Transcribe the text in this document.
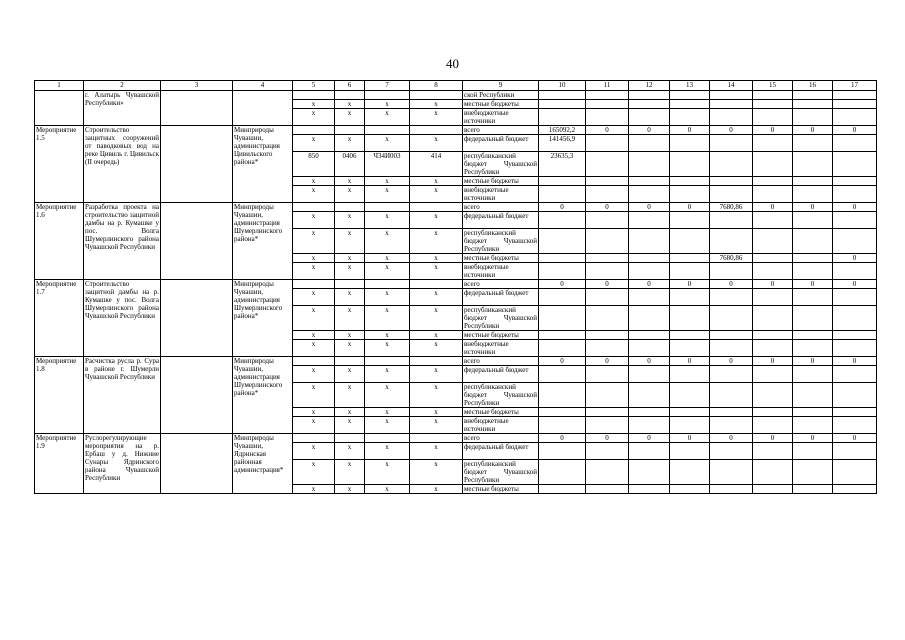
40
1	2	3	4	5	6	7	8	9	10	11	12	13	14	15	16	17
	г. Алатырь Чувашской Республики»							ской Республики								
				x	x	x	x	местные бюджеты								
				x	x	x	x	внебюджетные источники								
Мероприятие 1.5	Строительство защитных сооружений от паводковых вод на реке Цивиль г. Цивильск (II очередь)		Минприроды Чувашии, администрация Цивильского района*					всего	165092,2	0	0	0	0	0	0	0
				x	x	x	x	федеральный бюджет	141456,9							
				850	0406	Ч34И003	414	республиканский бюджет Чувашской Республики	23635,3							
				x	x	x	x	местные бюджеты								
				x	x	x	x	внебюджетные источники								
Мероприятие 1.6	Разработка проекта на строительство защитной дамбы на р. Кумашке у пос. Волга Шумерлинского района Чувашской Республики		Минприроды Чувашии, администрация Шумерлинского района*					всего	0	0	0	0	7680,86	0	0	0
				x	x	x	x	федеральный бюджет								
				x	x	x	x	республиканский бюджет Чувашской Республики								
				x	x	x	x	местные бюджеты					7680,86			0
				x	x	x	x	внебюджетные источники								
Мероприятие 1.7	Строительство защитной дамбы на р. Кумашке у пос. Волга Шумерлинского района Чувашской Республики		Минприроды Чувашии, администрация Шумерлинского района*					всего	0	0	0	0	0	0	0	0
				x	x	x	x	федеральный бюджет								
				x	x	x	x	республиканский бюджет Чувашской Республики								
				x	x	x	x	местные бюджеты								
				x	x	x	x	внебюджетные источники								
Мероприятие 1.8	Расчистка русла р. Сура в районе г. Шумерли Чувашской Республики		Минприроды Чувашии, администрация Шумерлинского района*					всего	0	0	0	0	0	0	0	0
				x	x	x	x	федеральный бюджет								
				x	x	x	x	республиканский бюджет Чувашской Республики								
				x	x	x	x	местные бюджеты								
				x	x	x	x	внебюджетные источники								
Мероприятие 1.9	Руслорегулирующие мероприятия на р. Ербаш у д. Нижние Сунары Ядринского района Чувашской Республики		Минприроды Чувашии, Ядринская районная администрация*					всего	0	0	0	0	0	0	0	0
				x	x	x	x	федеральный бюджет								
				x	x	x	x	республиканский бюджет Чувашской Республики								
				x	x	x	x	местные бюджеты								
